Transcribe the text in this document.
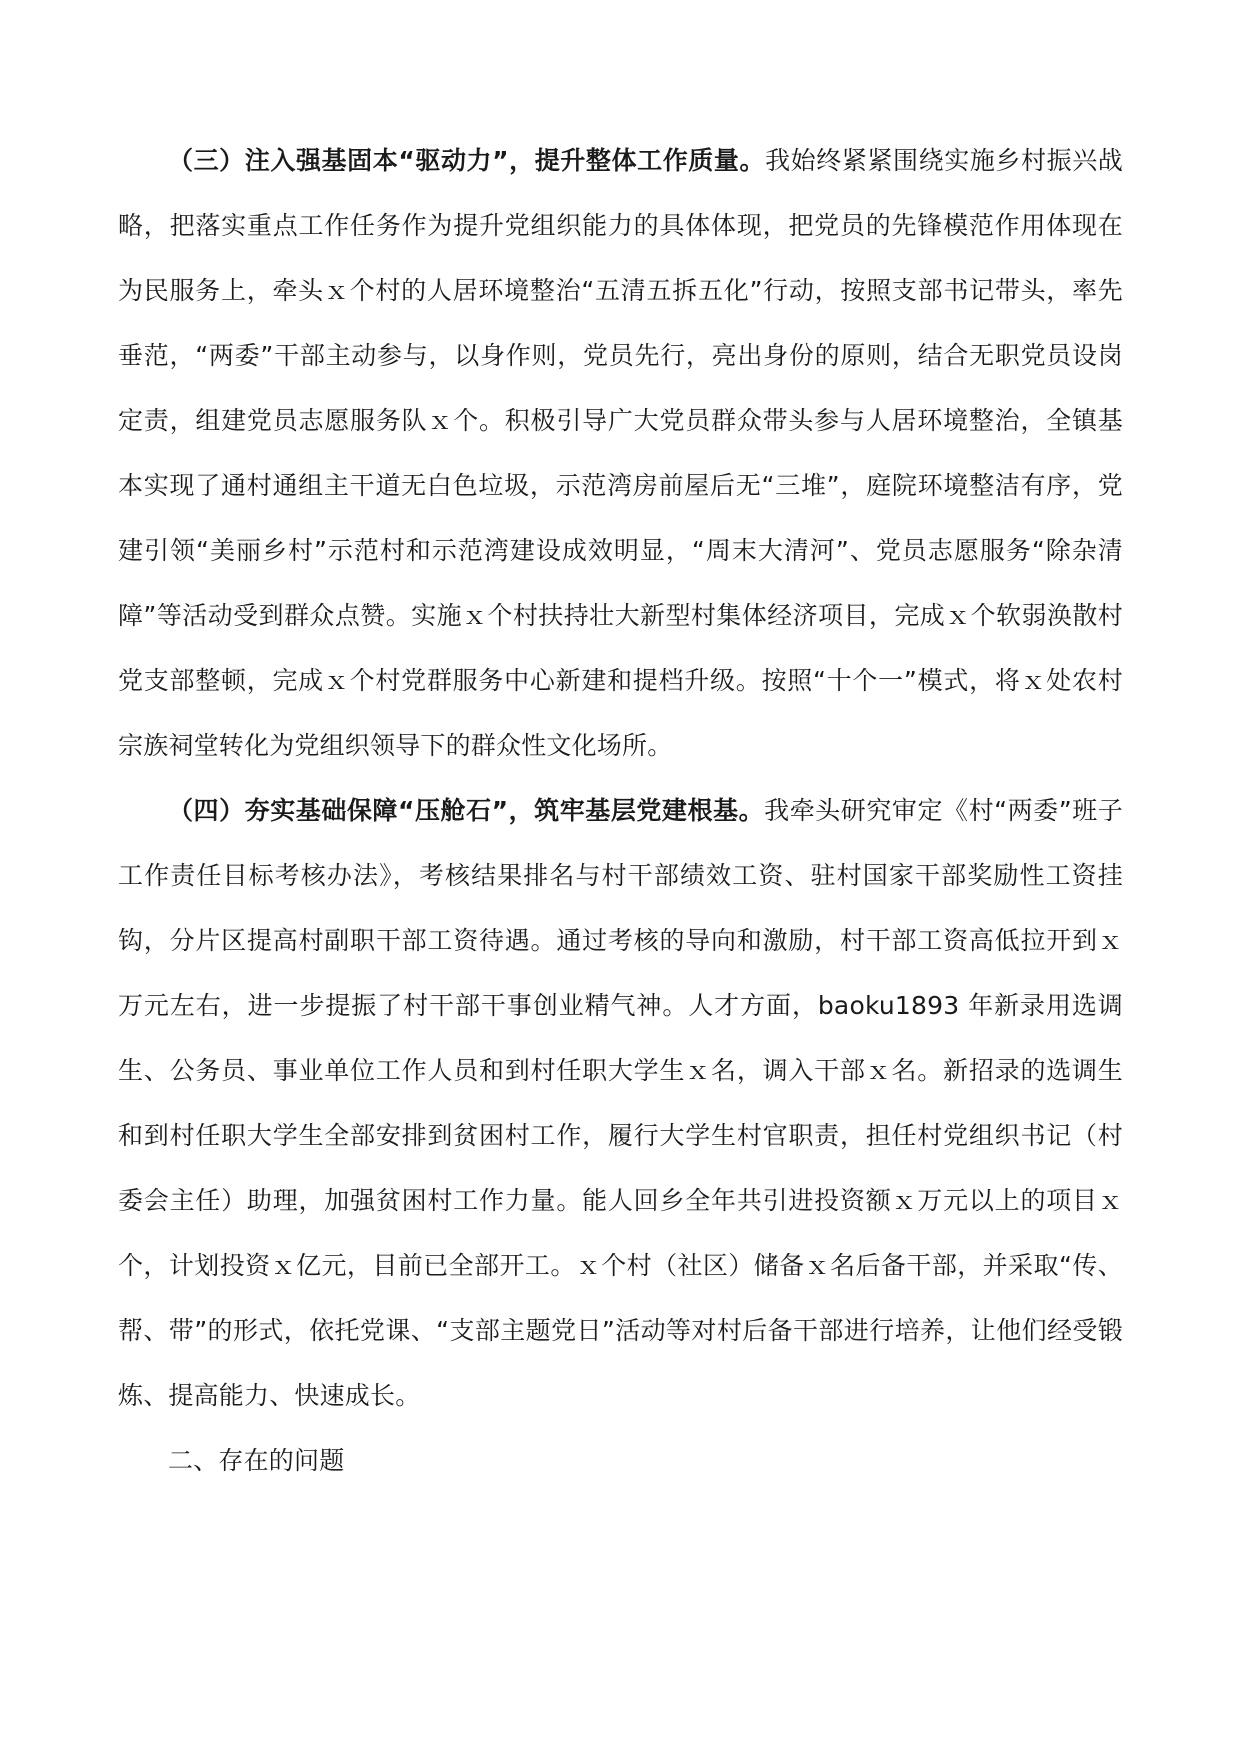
（三）注入强基固本“驱动力”，提升整体工作质量。我始终紧紧围绕实施乡村振兴战略，把落实重点工作任务作为提升党组织能力的具体体现，把党员的先锋模范作用体现在为民服务上，牵头ｘ个村的人居环境整治“五清五拆五化”行动，按照支部书记带头，率先垂范，“两委”干部主动参与，以身作则，党员先行，亮出身份的原则，结合无职党员设岗定责，组建党员志愿服务队ｘ个。积极引导广大党员群众带头参与人居环境整治，全镇基本实现了通村通组主干道无白色垃圾，示范湾房前屋后无“三堆”，庭院环境整洁有序，党建引领“美丽乡村”示范村和示范湾建设成效明显，“周末大清河”、党员志愿服务“除杂清障”等活动受到群众点赞。实施ｘ个村扶持壮大新型村集体经济项目，完成ｘ个软弱涣散村党支部整顿，完成ｘ个村党群服务中心新建和提档升级。按照“十个一”模式，将ｘ处农村宗族祠堂转化为党组织领导下的群众性文化场所。

（四）夯实基础保障“压舱石”，筑牢基层党建根基。我牵头研究审定《村“两委”班子工作责任目标考核办法》，考核结果排名与村干部绩效工资、驻村国家干部奖励性工资挂钩，分片区提高村副职干部工资待遇。通过考核的导向和激励，村干部工资高低拉开到ｘ万元左右，进一步提振了村干部干事创业精气神。人才方面，baoku1893 年新录用选调生、公务员、事业单位工作人员和到村任职大学生ｘ名，调入干部ｘ名。新招录的选调生和到村任职大学生全部安排到贫困村工作，履行大学生村官职责，担任村党组织书记（村委会主任）助理，加强贫困村工作力量。能人回乡全年共引进投资额ｘ万元以上的项目ｘ个，计划投资ｘ亿元，目前已全部开工。ｘ个村（社区）储备ｘ名后备干部，并采取“传、帮、带”的形式，依托党课、“支部主题党日”活动等对村后备干部进行培养，让他们经受锻炼、提高能力、快速成长。

二、存在的问题
